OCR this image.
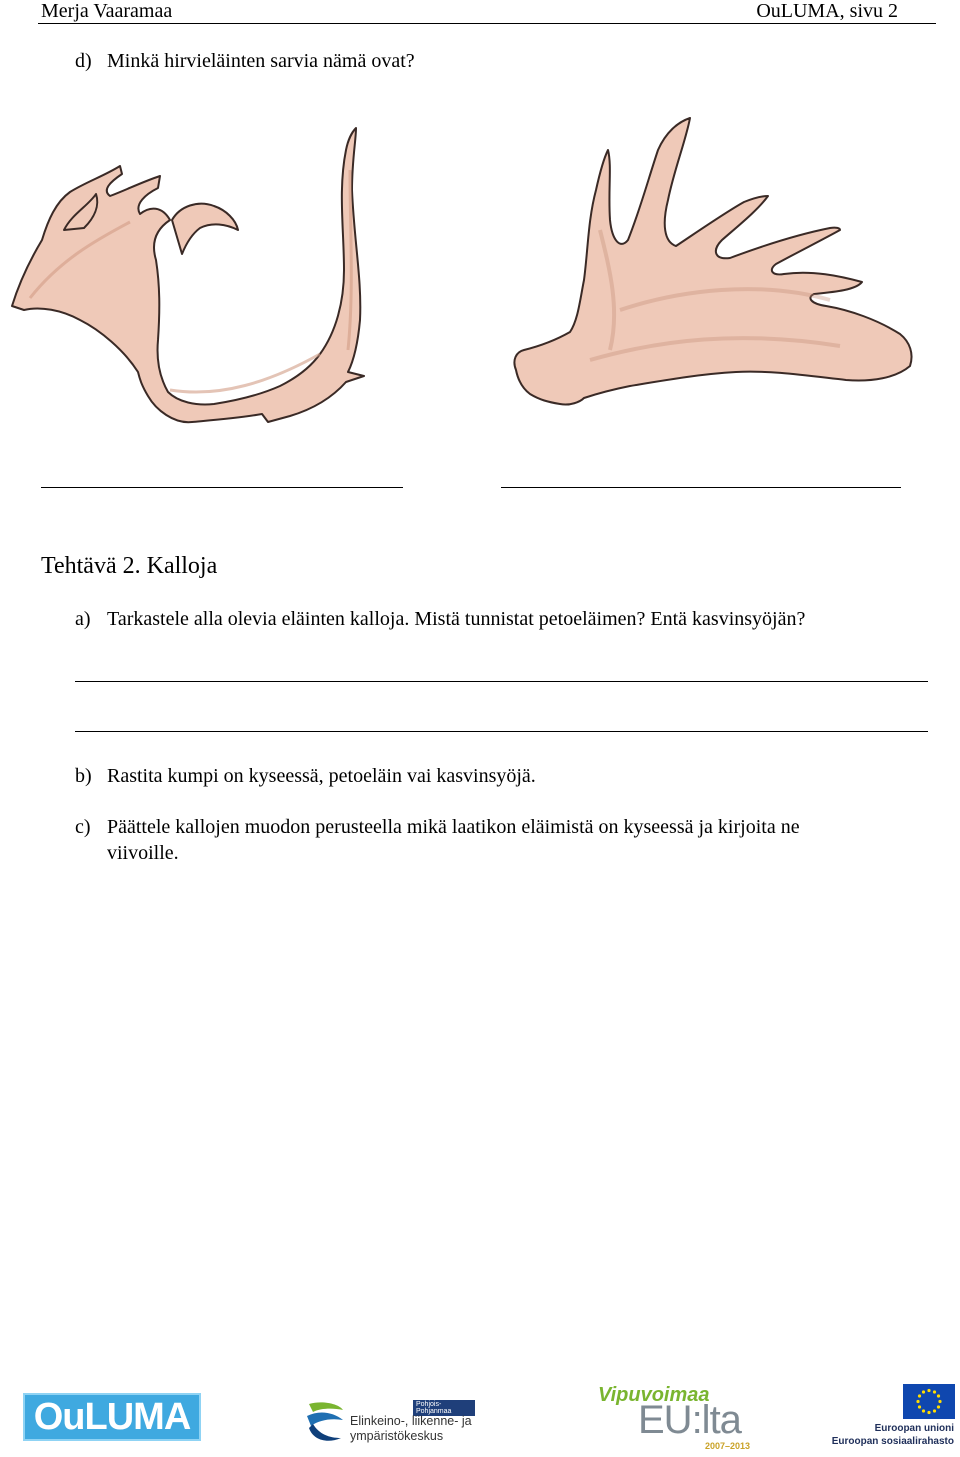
Merja Vaaramaa	OuLUMA, sivu 2
d) Minkä hirvieläinten sarvia nämä ovat?
Tehtävä 2. Kalloja
a) Tarkastele alla olevia eläinten kalloja. Mistä tunnistat petoeläimen? Entä kasvinsyöjän?
b) Rastita kumpi on kyseessä, petoeläin vai kasvinsyöjä.
c) Päättele kallojen muodon perusteella mikä laatikon eläimistä on kyseessä ja kirjoita ne
viivoille.
OuLUMA	Pohjois-Pohjanmaa
Elinkeino-, liikenne- ja
ympäristökeskus
Vipuvoimaa
EU:lta
2007–2013
Euroopan unioni
Euroopan sosiaalirahasto
